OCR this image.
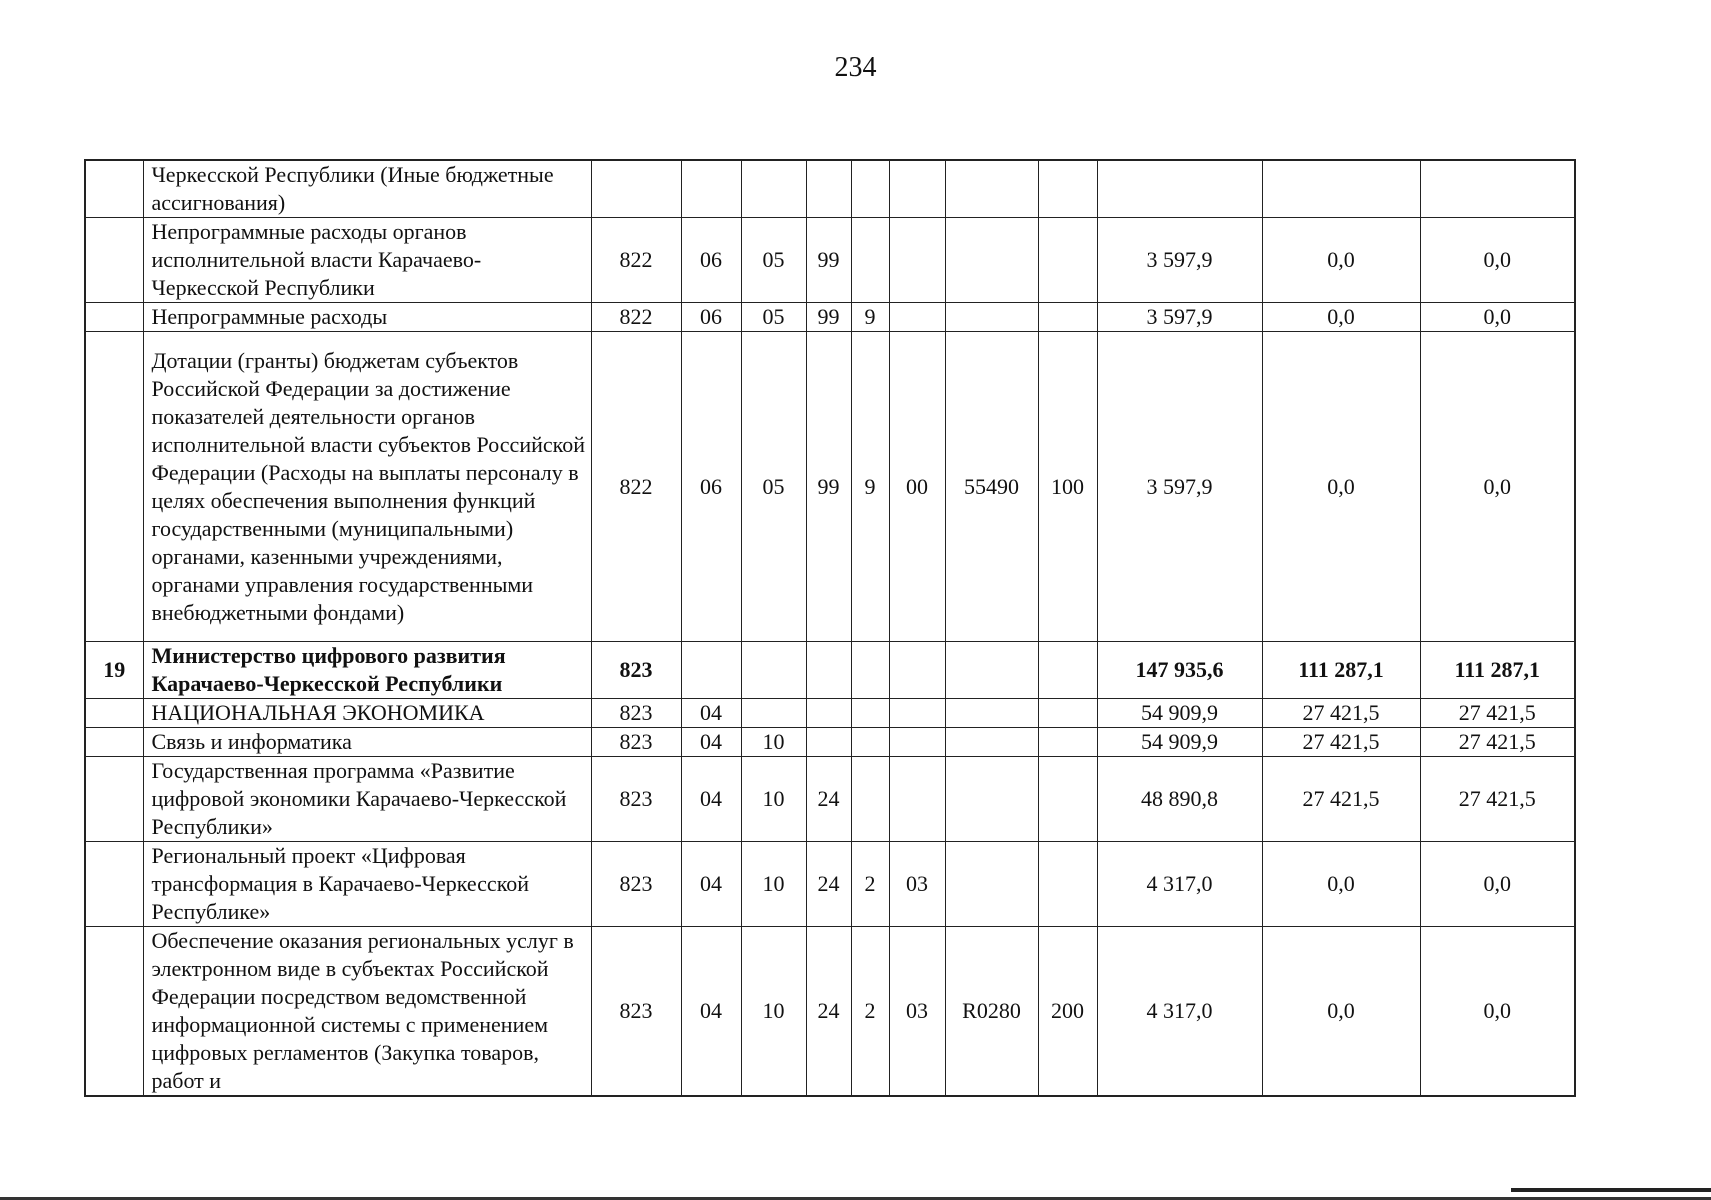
234
	Черкесской Республики (Иные бюджетные ассигнования)											
	Непрограммные расходы органов исполнительной власти Карачаево-Черкесской Республики	822	06	05	99					3 597,9	0,0	0,0
	Непрограммные расходы	822	06	05	99	9				3 597,9	0,0	0,0
	Дотации (гранты) бюджетам субъектов Российской Федерации за достижение показателей деятельности органов исполнительной власти субъектов Российской Федерации (Расходы на выплаты персоналу в целях обеспечения выполнения функций государственными (муниципальными) органами, казенными учреждениями, органами управления государственными внебюджетными фондами)	822	06	05	99	9	00	55490	100	3 597,9	0,0	0,0
19	Министерство цифрового развития Карачаево-Черкесской Республики	823								147 935,6	111 287,1	111 287,1
	НАЦИОНАЛЬНАЯ ЭКОНОМИКА	823	04							54 909,9	27 421,5	27 421,5
	Связь и информатика	823	04	10						54 909,9	27 421,5	27 421,5
	Государственная программа «Развитие цифровой экономики Карачаево-Черкесской Республики»	823	04	10	24					48 890,8	27 421,5	27 421,5
	Региональный проект «Цифровая трансформация в Карачаево-Черкесской Республике»	823	04	10	24	2	03			4 317,0	0,0	0,0
	Обеспечение оказания региональных услуг в электронном виде в субъектах Российской Федерации посредством ведомственной информационной системы с применением цифровых регламентов (Закупка товаров, работ и	823	04	10	24	2	03	R0280	200	4 317,0	0,0	0,0
